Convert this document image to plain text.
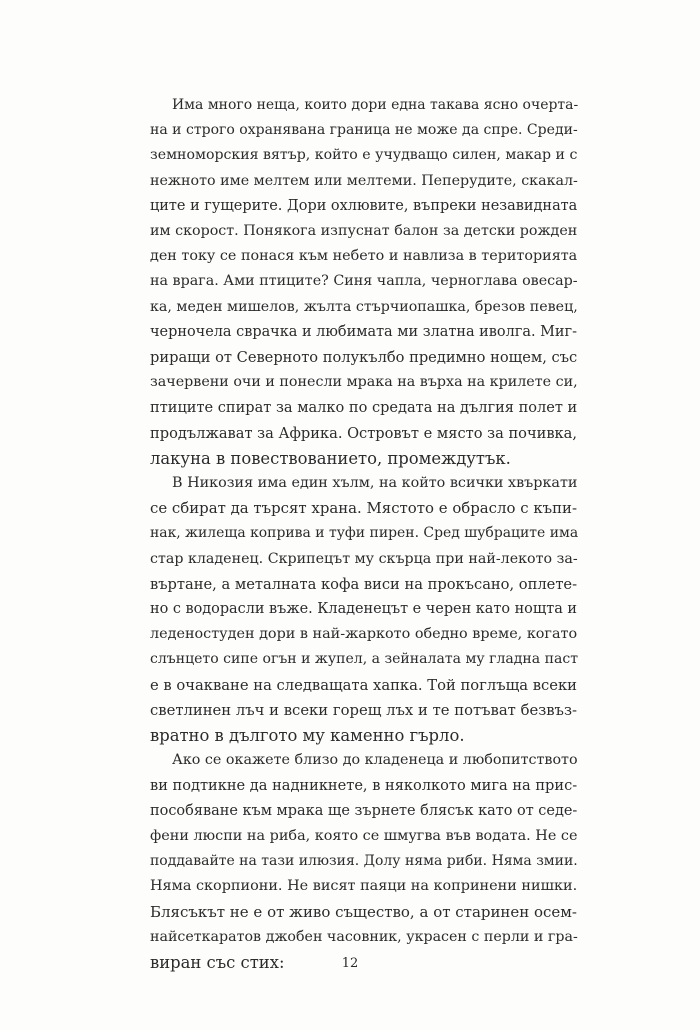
Има много неща, които дори една такава ясно очерта-
на и строго охранявана граница не може да спре. Среди-
земноморския вятър, който е учудващо силен, макар и с
нежното име мелтем или мелтеми. Пеперудите, скакал-
ците и гущерите. Дори охлювите, въпреки незавидната
им скорост. Понякога изпуснат балон за детски рожден
ден току се понася към небето и навлиза в територията
на врага. Ами птиците? Синя чапла, черноглава овесар-
ка, меден мишелов, жълта стърчиопашка, брезов певец,
черночела сврачка и любимата ми златна иволга. Миг-
риращи от Северното полукълбо предимно нощем, със
зачервени очи и понесли мрака на върха на крилете си,
птиците спират за малко по средата на дългия полет и
продължават за Африка. Островът е място за почивка,
лакуна в повествованието, промеждутък.
В Никозия има един хълм, на който всички хвъркати
се сбират да търсят храна. Мястото е обрасло с къпи-
нак, жилеща коприва и туфи пирен. Сред шубраците има
стар кладенец. Скрипецът му скърца при най-лекото за-
въртане, а металната кофа виси на прокъсано, оплете-
но с водорасли въже. Кладенецът е черен като нощта и
леденостуден дори в най-жаркото обедно време, когато
слънцето сипе огън и жупел, а зейналата му гладна паст
е в очакване на следващата хапка. Той поглъща всеки
светлинен лъч и всеки горещ лъх и те потъват безвъз-
вратно в дългото му каменно гърло.
Ако се окажете близо до кладенеца и любопитството
ви подтикне да надникнете, в няколкото мига на прис-
пособяване към мрака ще зърнете блясък като от седе-
фени люспи на риба, която се шмугва във водата. Не се
поддавайте на тази илюзия. Долу няма риби. Няма змии.
Няма скорпиони. Не висят паяци на копринени нишки.
Блясъкът не е от живо същество, а от старинен осем-
найсеткаратов джобен часовник, украсен с перли и гра-
виран със стих:	12
